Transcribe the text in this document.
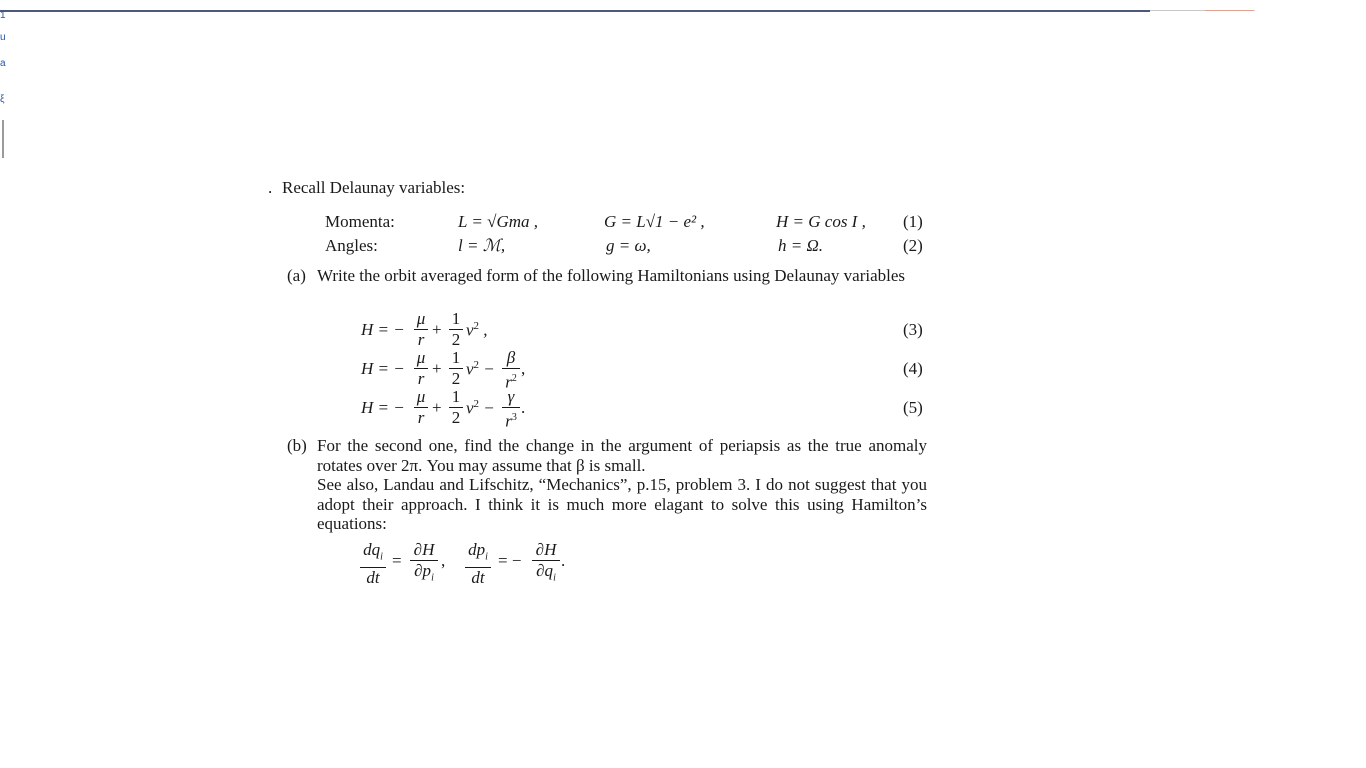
1
u
a
ξ
. Recall Delaunay variables:
Momenta:	L = √Gma ,	G = L√1 − e² ,	H = G cos I , (1)
Angles:	l = ℳ,	g = ω,	h = Ω.	(2)
(a) Write the orbit averaged form of the following Hamiltonians using Delaunay variables

H = −
μ
r
+
1
2 $v^2$ ,	(3)
H = −
μ
r
+
1
2 $v^2$ −
β
$r^2$
,	(4)
H = −
μ
r
+
1
2 $v^2$ −
γ
$r^3$
.	(5)
(b) For the second one, find the change in the argument of periapsis as the true anomaly rotates over 2π. You may assume that β is small.

See also, Landau and Lifschitz, “Mechanics”, p.15, problem 3. I do not suggest that you adopt their approach. I think it is much more elagant to solve this using Hamilton’s equations:

$dq_i$
dt
=
∂H
$\partial p_i$
,
$dp_i$
dt
= −
∂H
$\partial q_i$
.
